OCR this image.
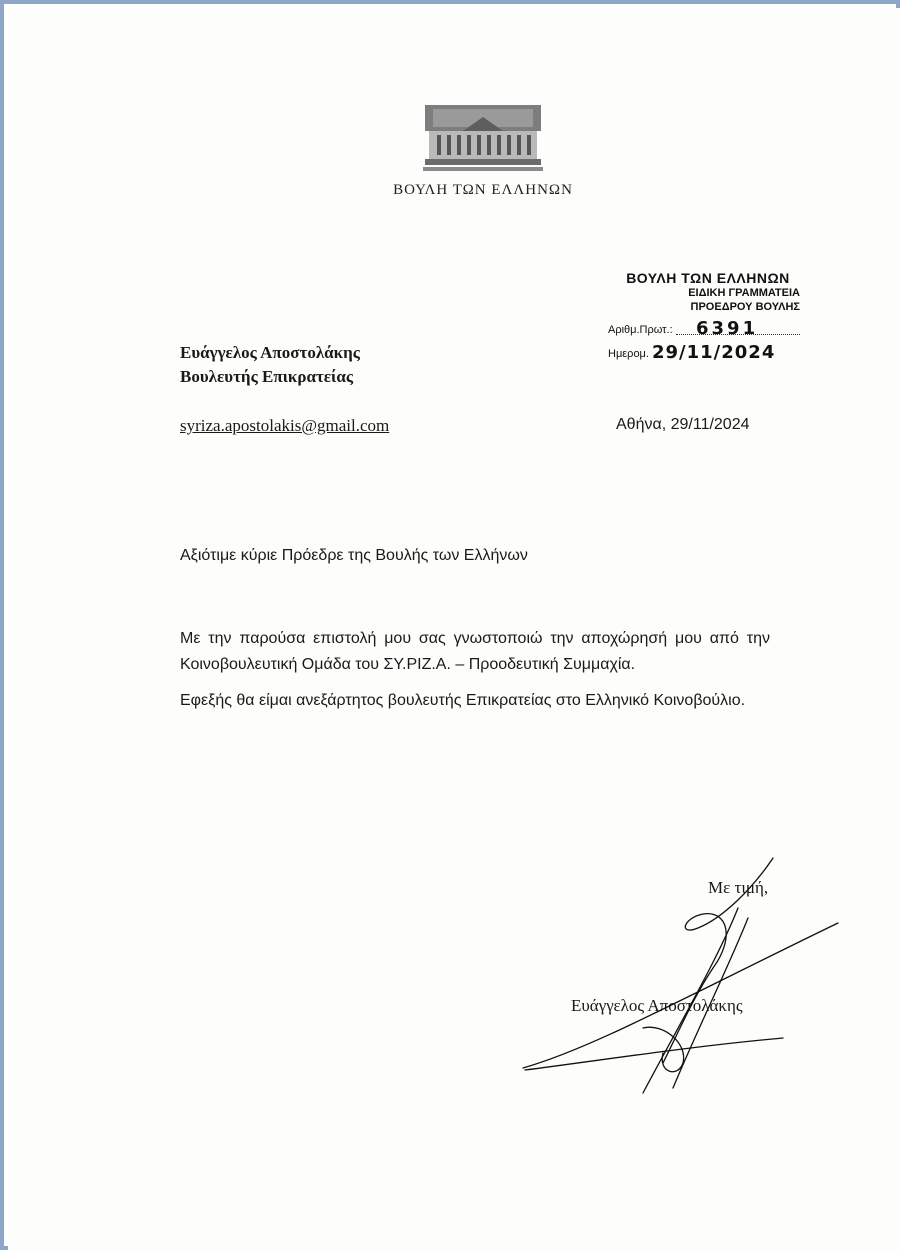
ΒΟΥΛΗ ΤΩΝ ΕΛΛΗΝΩΝ
ΒΟΥΛΗ ΤΩΝ ΕΛΛΗΝΩΝ
ΕΙΔΙΚΗ ΓΡΑΜΜΑΤΕΙΑ
ΠΡΟΕΔΡΟΥ ΒΟΥΛΗΣ
Αριθμ.Πρωτ.: 6391
Ημερομ. 29/11/2024
Ευάγγελος Αποστολάκης
Βουλευτής Επικρατείας
syriza.apostolakis@gmail.com	Αθήνα, 29/11/2024
Αξιότιμε κύριε Πρόεδρε της Βουλής των Ελλήνων

Με την παρούσα επιστολή μου σας γνωστοποιώ την αποχώρησή μου από την Κοινοβουλευτική Ομάδα του ΣΥ.ΡΙΖ.Α. – Προοδευτική Συμμαχία.

Εφεξής θα είμαι ανεξάρτητος βουλευτής Επικρατείας στο Ελληνικό Κοινοβούλιο.

Με τιμή,
Ευάγγελος Αποστολάκης
